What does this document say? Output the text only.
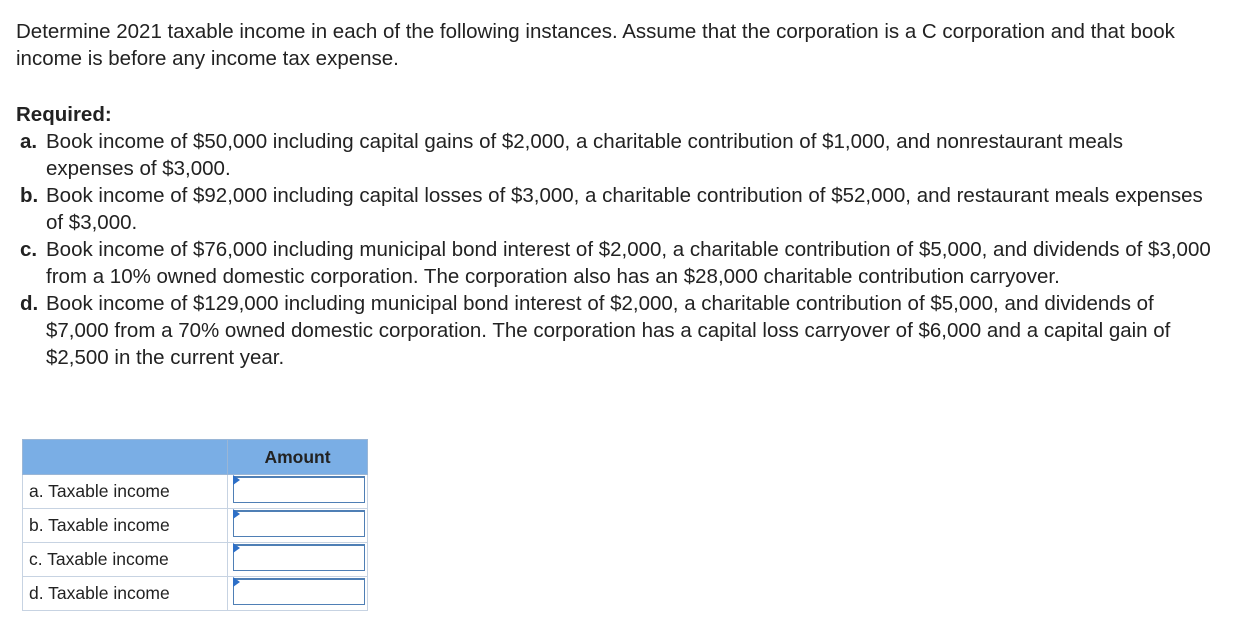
Determine 2021 taxable income in each of the following instances. Assume that the corporation is a C corporation and that book income is before any income tax expense.
Required:
a. Book income of $50,000 including capital gains of $2,000, a charitable contribution of $1,000, and nonrestaurant meals expenses of $3,000.
b. Book income of $92,000 including capital losses of $3,000, a charitable contribution of $52,000, and restaurant meals expenses of $3,000.
c. Book income of $76,000 including municipal bond interest of $2,000, a charitable contribution of $5,000, and dividends of $3,000 from a 10% owned domestic corporation. The corporation also has an $28,000 charitable contribution carryover.
d. Book income of $129,000 including municipal bond interest of $2,000, a charitable contribution of $5,000, and dividends of $7,000 from a 70% owned domestic corporation. The corporation has a capital loss carryover of $6,000 and a capital gain of $2,500 in the current year.
	Amount
a. Taxable income	

b. Taxable income	

c. Taxable income	

d. Taxable income	
